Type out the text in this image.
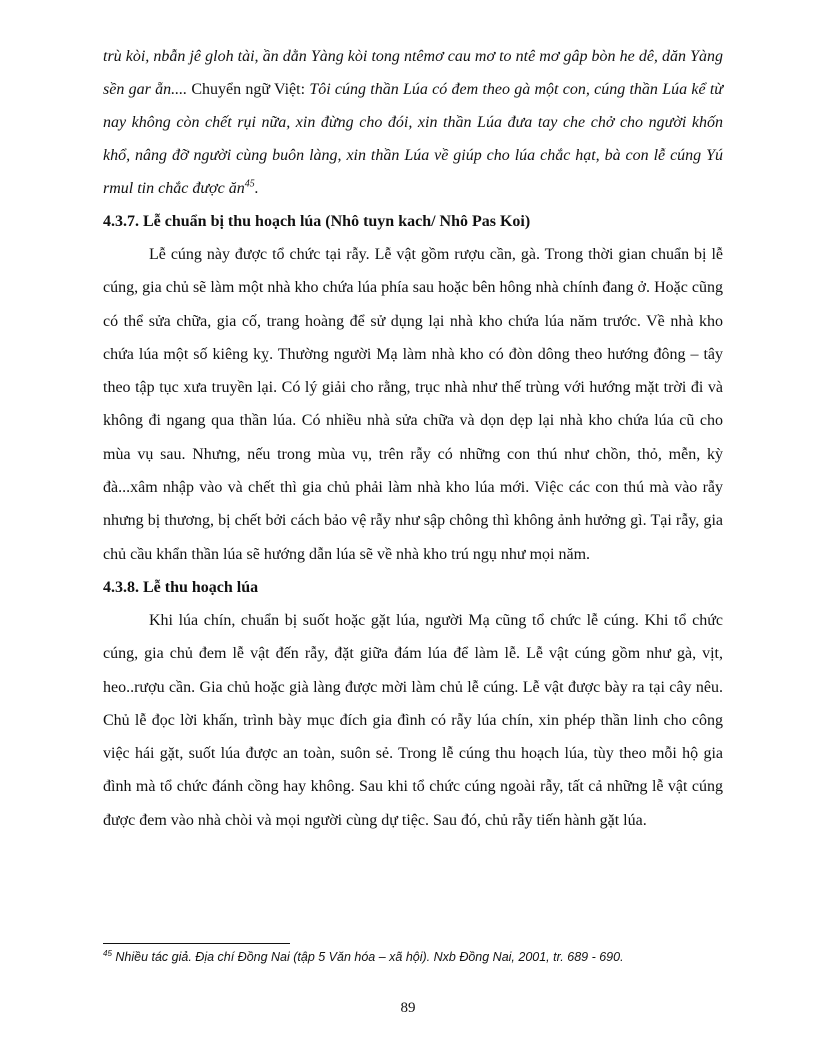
trù kòi, nbẫn jê gloh tài, ần dằn Yàng kòi tong ntêmơ cau mơ to ntê mơ gâp bòn he dê, dăn Yàng sền gar ẵn.... Chuyển ngữ Việt: Tôi cúng thần Lúa có đem theo gà một con, cúng thần Lúa kể từ nay không còn chết rụi nữa, xin đừng cho đói, xin thần Lúa đưa tay che chở cho người khốn khổ, nâng đỡ người cùng buôn làng, xin thần Lúa về giúp cho lúa chắc hạt, bà con lễ cúng Yú rmul tin chắc được $ăn^{45}$.
4.3.7. Lễ chuẩn bị thu hoạch lúa (Nhô tuyn kach/ Nhô Pas Koi)

Lễ cúng này được tổ chức tại rẫy. Lễ vật gồm rượu cần, gà. Trong thời gian chuẩn bị lễ cúng, gia chủ sẽ làm một nhà kho chứa lúa phía sau hoặc bên hông nhà chính đang ở. Hoặc cũng có thể sửa chữa, gia cố, trang hoàng để sử dụng lại nhà kho chứa lúa năm trước. Về nhà kho chứa lúa một số kiêng kỵ. Thường người Mạ làm nhà kho có đòn dông theo hướng đông – tây theo tập tục xưa truyền lại. Có lý giải cho rằng, trục nhà như thế trùng với hướng mặt trời đi và không đi ngang qua thần lúa. Có nhiều nhà sửa chữa và dọn dẹp lại nhà kho chứa lúa cũ cho mùa vụ sau. Nhưng, nếu trong mùa vụ, trên rẫy có những con thú như chồn, thỏ, mễn, kỳ đà...xâm nhập vào và chết thì gia chủ phải làm nhà kho lúa mới. Việc các con thú mà vào rẫy nhưng bị thương, bị chết bởi cách bảo vệ rẫy như sập chông thì không ảnh hưởng gì. Tại rẫy, gia chủ cầu khẩn thần lúa sẽ hướng dẫn lúa sẽ về nhà kho trú ngụ như mọi năm.

4.3.8. Lễ thu hoạch lúa

Khi lúa chín, chuẩn bị suốt hoặc gặt lúa, người Mạ cũng tổ chức lễ cúng. Khi tổ chức cúng, gia chủ đem lễ vật đến rẫy, đặt giữa đám lúa để làm lễ. Lễ vật cúng gồm như gà, vịt, heo..rượu cần. Gia chủ hoặc già làng được mời làm chủ lễ cúng. Lễ vật được bày ra tại cây nêu. Chủ lễ đọc lời khấn, trình bày mục đích gia đình có rẫy lúa chín, xin phép thần linh cho công việc hái gặt, suốt lúa được an toàn, suôn sẻ. Trong lễ cúng thu hoạch lúa, tùy theo mỗi hộ gia đình mà tổ chức đánh cồng hay không. Sau khi tổ chức cúng ngoài rẫy, tất cả những lễ vật cúng được đem vào nhà chòi và mọi người cùng dự tiệc. Sau đó, chủ rẫy tiến hành gặt lúa.

$^{45}$ Nhiều tác giả. Địa chí Đồng Nai (tập 5 Văn hóa – xã hội). Nxb Đồng Nai, 2001, tr. 689 - 690.
89
